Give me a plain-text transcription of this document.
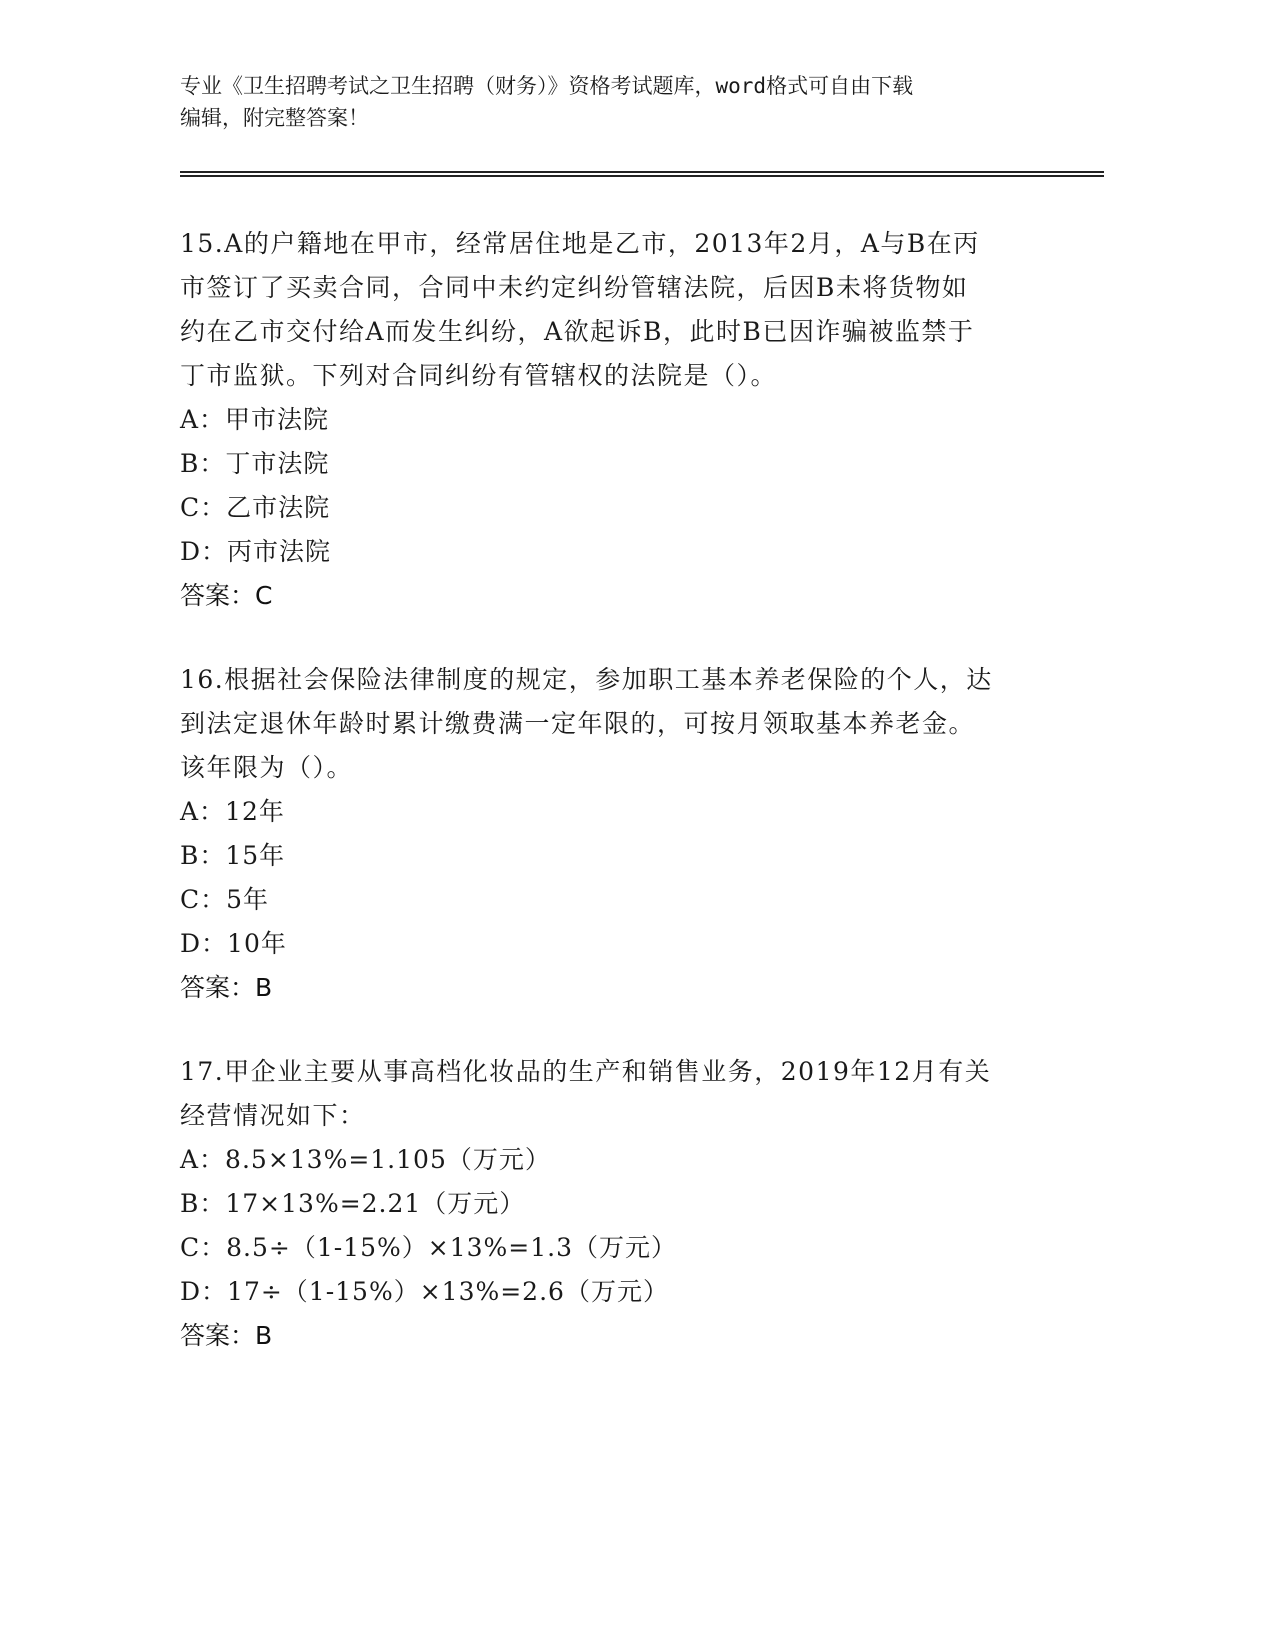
专业《卫生招聘考试之卫生招聘（财务）》资格考试题库，word格式可自由下载
编辑，附完整答案！

15.A的户籍地在甲市，经常居住地是乙市，2013年2月，A与B在丙

市签订了买卖合同，合同中未约定纠纷管辖法院，后因B未将货物如

约在乙市交付给A而发生纠纷，A欲起诉B，此时B已因诈骗被监禁于

丁市监狱。下列对合同纠纷有管辖权的法院是（）。

A：甲市法院

B：丁市法院

C：乙市法院

D：丙市法院

答案：C

16.根据社会保险法律制度的规定，参加职工基本养老保险的个人，达

到法定退休年龄时累计缴费满一定年限的，可按月领取基本养老金。

该年限为（）。

A：12年

B：15年

C：5年

D：10年

答案：B

17.甲企业主要从事高档化妆品的生产和销售业务，2019年12月有关

经营情况如下：

A：8.5×13%=1.105（万元）

B：17×13%=2.21（万元）

C：8.5÷（1-15%）×13%=1.3（万元）

D：17÷（1-15%）×13%=2.6（万元）

答案：B
